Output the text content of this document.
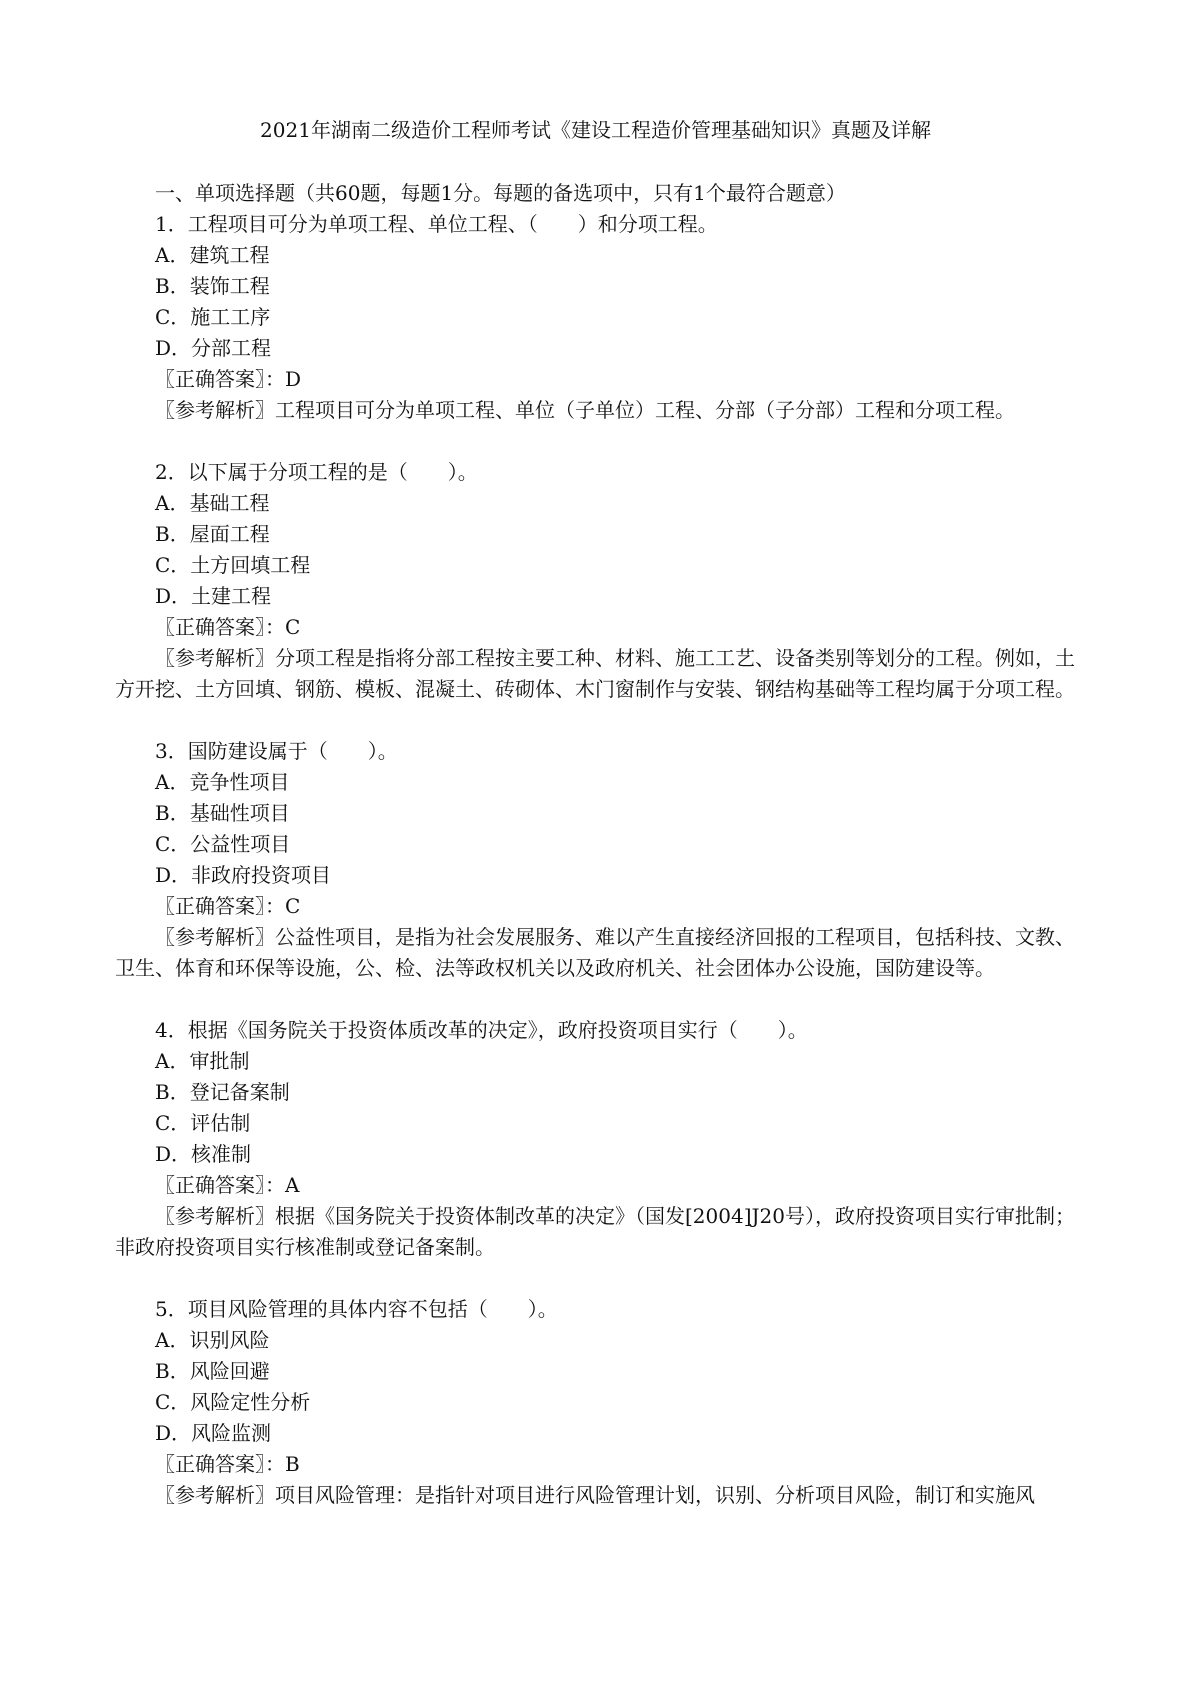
2021年湖南二级造价工程师考试《建设工程造价管理基础知识》真题及详解

一、单项选择题（共60题，每题1分。每题的备选项中，只有1个最符合题意）

1．工程项目可分为单项工程、单位工程、（　　）和分项工程。

A．建筑工程

B．装饰工程

C．施工工序

D．分部工程

〖正确答案〗：D

〖参考解析〗工程项目可分为单项工程、单位（子单位）工程、分部（子分部）工程和分项工程。

2．以下属于分项工程的是（　　）。

A．基础工程

B．屋面工程

C．土方回填工程

D．土建工程

〖正确答案〗：C

〖参考解析〗分项工程是指将分部工程按主要工种、材料、施工工艺、设备类别等划分的工程。例如，土方开挖、土方回填、钢筋、模板、混凝土、砖砌体、木门窗制作与安装、钢结构基础等工程均属于分项工程。

3．国防建设属于（　　）。

A．竞争性项目

B．基础性项目

C．公益性项目

D．非政府投资项目

〖正确答案〗：C

〖参考解析〗公益性项目，是指为社会发展服务、难以产生直接经济回报的工程项目，包括科技、文教、卫生、体育和环保等设施，公、检、法等政权机关以及政府机关、社会团体办公设施，国防建设等。

4．根据《国务院关于投资体质改革的决定》，政府投资项目实行（　　）。

A．审批制

B．登记备案制

C．评估制

D．核准制

〖正确答案〗：A

〖参考解析〗根据《国务院关于投资体制改革的决定》（国发[2004]J20号），政府投资项目实行审批制；非政府投资项目实行核准制或登记备案制。

5．项目风险管理的具体内容不包括（　　）。

A．识别风险

B．风险回避

C．风险定性分析

D．风险监测

〖正确答案〗：B

〖参考解析〗项目风险管理：是指针对项目进行风险管理计划，识别、分析项目风险，制订和实施风
